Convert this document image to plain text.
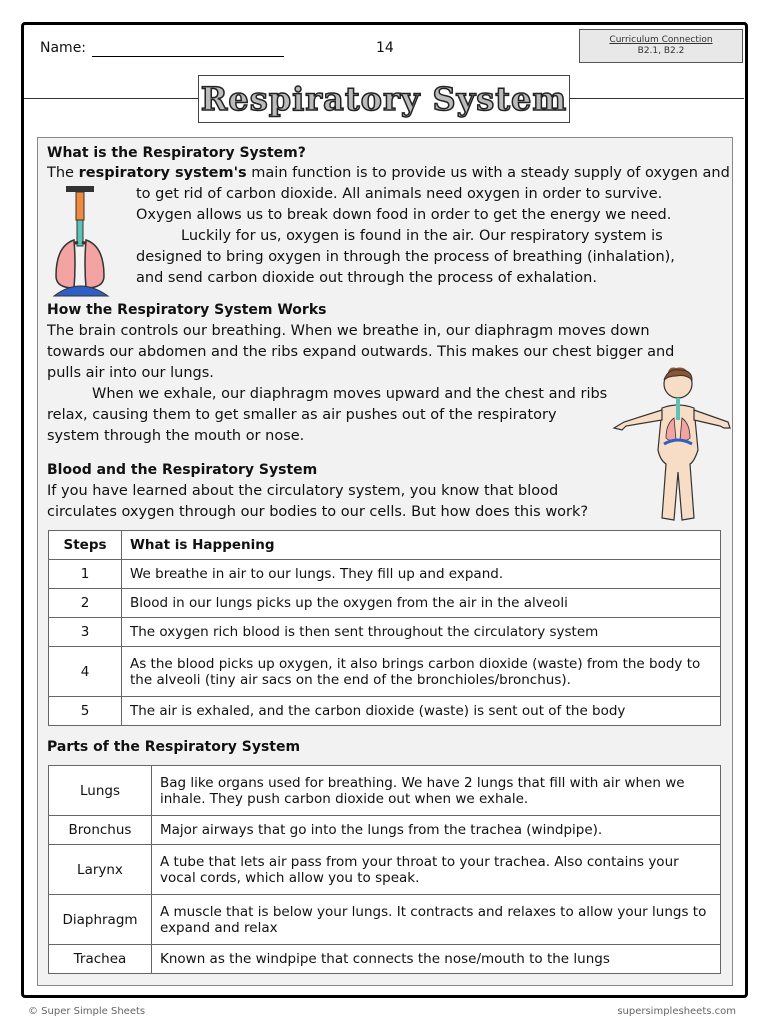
Name:	14	Curriculum Connection
B2.1, B2.2
Respiratory System
What is the Respiratory System?
The respiratory system's main function is to provide us with a steady supply of oxygen and
to get rid of carbon dioxide. All animals need oxygen in order to survive.
Oxygen allows us to break down food in order to get the energy we need.
Luckily for us, oxygen is found in the air. Our respiratory system is
designed to bring oxygen in through the process of breathing (inhalation),
and send carbon dioxide out through the process of exhalation.
How the Respiratory System Works
The brain controls our breathing. When we breathe in, our diaphragm moves down
towards our abdomen and the ribs expand outwards. This makes our chest bigger and
pulls air into our lungs.
When we exhale, our diaphragm moves upward and the chest and ribs
relax, causing them to get smaller as air pushes out of the respiratory
system through the mouth or nose.
Blood and the Respiratory System
If you have learned about the circulatory system, you know that blood
circulates oxygen through our bodies to our cells. But how does this work?
Steps	What is Happening
1	We breathe in air to our lungs. They fill up and expand.
2	Blood in our lungs picks up the oxygen from the air in the alveoli
3	The oxygen rich blood is then sent throughout the circulatory system
4	As the blood picks up oxygen, it also brings carbon dioxide (waste) from the body to the alveoli (tiny air sacs on the end of the bronchioles/bronchus).
5	The air is exhaled, and the carbon dioxide (waste) is sent out of the body
Parts of the Respiratory System
Lungs	Bag like organs used for breathing. We have 2 lungs that fill with air when we inhale. They push carbon dioxide out when we exhale.
Bronchus	Major airways that go into the lungs from the trachea (windpipe).
Larynx	A tube that lets air pass from your throat to your trachea. Also contains your vocal cords, which allow you to speak.
Diaphragm	A muscle that is below your lungs. It contracts and relaxes to allow your lungs to expand and relax
Trachea	Known as the windpipe that connects the nose/mouth to the lungs
© Super Simple Sheets	supersimplesheets.com
